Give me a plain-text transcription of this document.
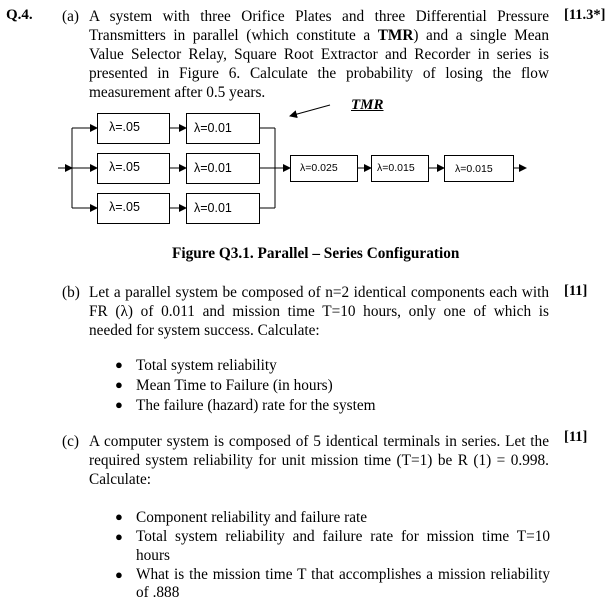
Q.4. (a)	[11.3*]
A system with three Orifice Plates and three Differential Pressure
Transmitters in parallel (which constitute a TMR) and a single Mean
Value Selector Relay, Square Root Extractor and Recorder in series is
presented in Figure 6. Calculate the probability of losing the flow
measurement after 0.5 years.
TMR
λ=.05
λ=.05
λ=.05
λ=0.01
λ=0.01
λ=0.01
λ=0.025	λ=0.015	λ=0.015
Figure Q3.1. Parallel – Series Configuration
(b)	[11]
Let a parallel system be composed of n=2 identical components each with
FR (λ) of 0.011 and mission time T=10 hours, only one of which is
needed for system success. Calculate:
● Total system reliability
● Mean Time to Failure (in hours)
● The failure (hazard) rate for the system
(c)	[11]
A computer system is composed of 5 identical terminals in series. Let the
required system reliability for unit mission time (T=1) be R (1) = 0.998.
Calculate:
● Component reliability and failure rate
● Total system reliability and failure rate for mission time T=10
hours
● What is the mission time T that accomplishes a mission reliability
of .888
